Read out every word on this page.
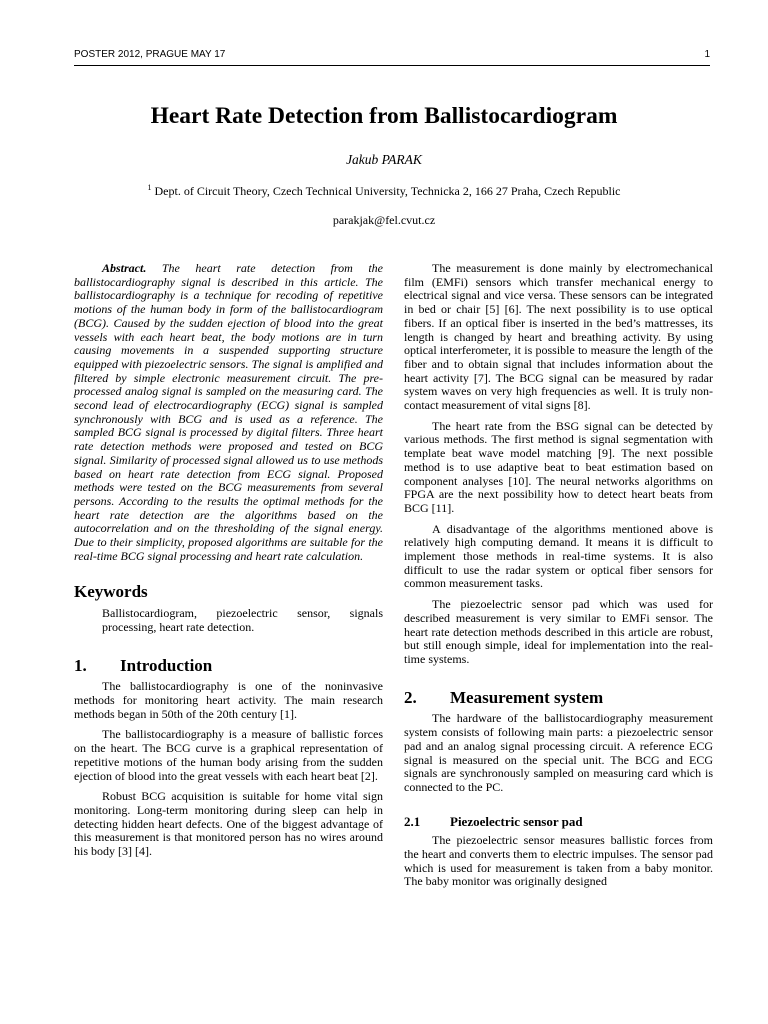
POSTER 2012, PRAGUE MAY 17	1
Heart Rate Detection from Ballistocardiogram
Jakub PARAK
$^1$ Dept. of Circuit Theory, Czech Technical University, Technicka 2, 166 27 Praha, Czech Republic
parakjak@fel.cvut.cz

Abstract. The heart rate detection from the ballistocardiography signal is described in this article. The ballistocardiography is a technique for recoding of repetitive motions of the human body in form of the ballistocardiogram (BCG). Caused by the sudden ejection of blood into the great vessels with each heart beat, the body motions are in turn causing movements in a suspended supporting structure equipped with piezoelectric sensors. The signal is amplified and filtered by simple electronic measurement circuit. The pre-processed analog signal is sampled on the measuring card. The second lead of electrocardiography (ECG) signal is sampled synchronously with BCG and is used as a reference. The sampled BCG signal is processed by digital filters. Three heart rate detection methods were proposed and tested on BCG signal. Similarity of processed signal allowed us to use methods based on heart rate detection from ECG signal. Proposed methods were tested on the BCG measurements from several persons. According to the results the optimal methods for the heart rate detection are the algorithms based on the autocorrelation and on the thresholding of the signal energy. Due to their simplicity, proposed algorithms are suitable for the real-time BCG signal processing and heart rate calculation.

Keywords

Ballistocardiogram, piezoelectric sensor, signals processing, heart rate detection.

1. Introduction

The ballistocardiography is one of the noninvasive methods for monitoring heart activity. The main research methods began in 50th of the 20th century [1].

The ballistocardiography is a measure of ballistic forces on the heart. The BCG curve is a graphical representation of repetitive motions of the human body arising from the sudden ejection of blood into the great vessels with each heart beat [2].

Robust BCG acquisition is suitable for home vital sign monitoring. Long-term monitoring during sleep can help in detecting hidden heart defects. One of the biggest advantage of this measurement is that monitored person has no wires around his body [3] [4].

The measurement is done mainly by electromechanical film (EMFi) sensors which transfer mechanical energy to electrical signal and vice versa. These sensors can be integrated in bed or chair [5] [6]. The next possibility is to use optical fibers. If an optical fiber is inserted in the bed’s mattresses, its length is changed by heart and breathing activity. By using optical interferometer, it is possible to measure the length of the fiber and to obtain signal that includes information about the heart activity [7]. The BCG signal can be measured by radar system waves on very high frequencies as well. It is truly non-contact measurement of vital signs [8].

The heart rate from the BSG signal can be detected by various methods. The first method is signal segmentation with template beat wave model matching [9]. The next possible method is to use adaptive beat to beat estimation based on component analyses [10]. The neural networks algorithms on FPGA are the next possibility how to detect heart beats from BCG [11].

A disadvantage of the algorithms mentioned above is relatively high computing demand. It means it is difficult to implement those methods in real-time systems. It is also difficult to use the radar system or optical fiber sensors for common measurement tasks.

The piezoelectric sensor pad which was used for described measurement is very similar to EMFi sensor. The heart rate detection methods described in this article are robust, but still enough simple, ideal for implementation into the real-time systems.

2. Measurement system

The hardware of the ballistocardiography measurement system consists of following main parts: a piezoelectric sensor pad and an analog signal processing circuit. A reference ECG signal is measured on the special unit. The BCG and ECG signals are synchronously sampled on measuring card which is connected to the PC.

2.1 Piezoelectric sensor pad

The piezoelectric sensor measures ballistic forces from the heart and converts them to electric impulses. The sensor pad which is used for measurement is taken from a baby monitor. The baby monitor was originally designed
